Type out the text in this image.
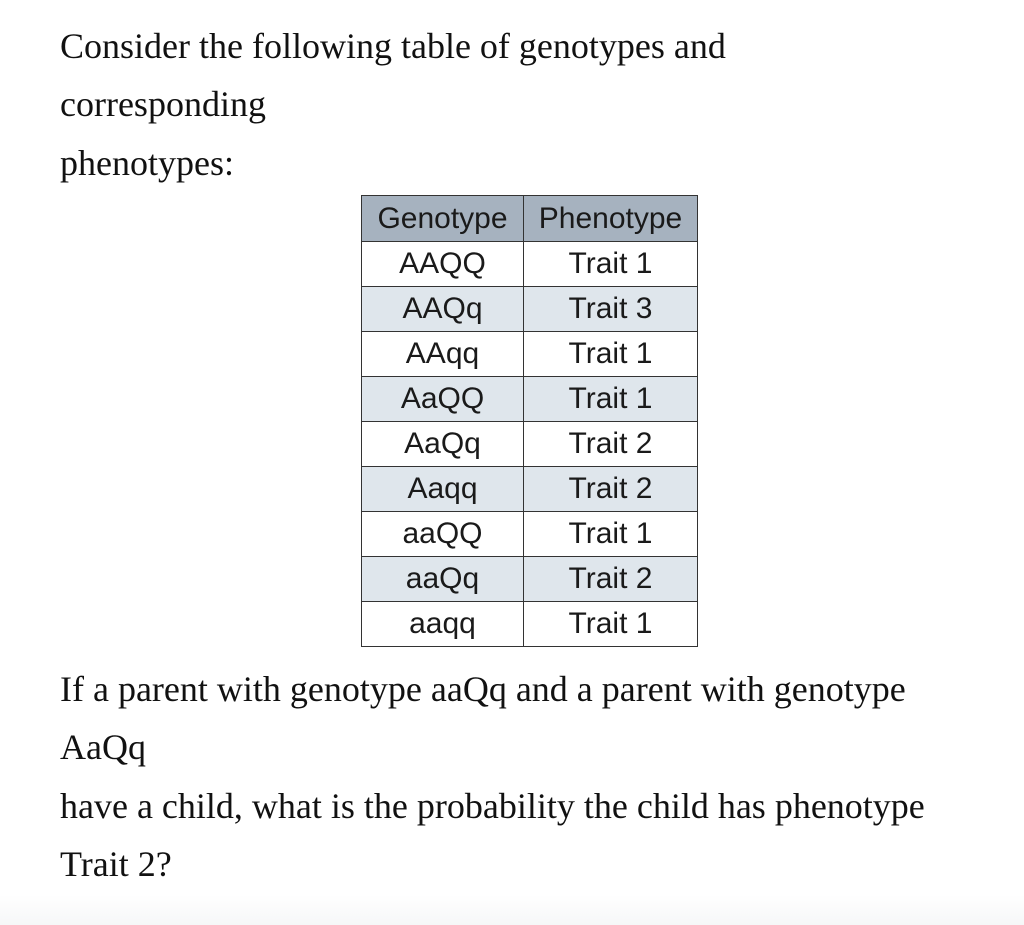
Consider the following table of genotypes and

corresponding

phenotypes:

Genotype	Phenotype
AAQQ	Trait 1
AAQq	Trait 3
AAqq	Trait 1
AaQQ	Trait 1
AaQq	Trait 2
Aaqq	Trait 2
aaQQ	Trait 1
aaQq	Trait 2
aaqq	Trait 1

If a parent with genotype aaQq and a parent with genotype

AaQq

have a child, what is the probability the child has phenotype

Trait 2?
